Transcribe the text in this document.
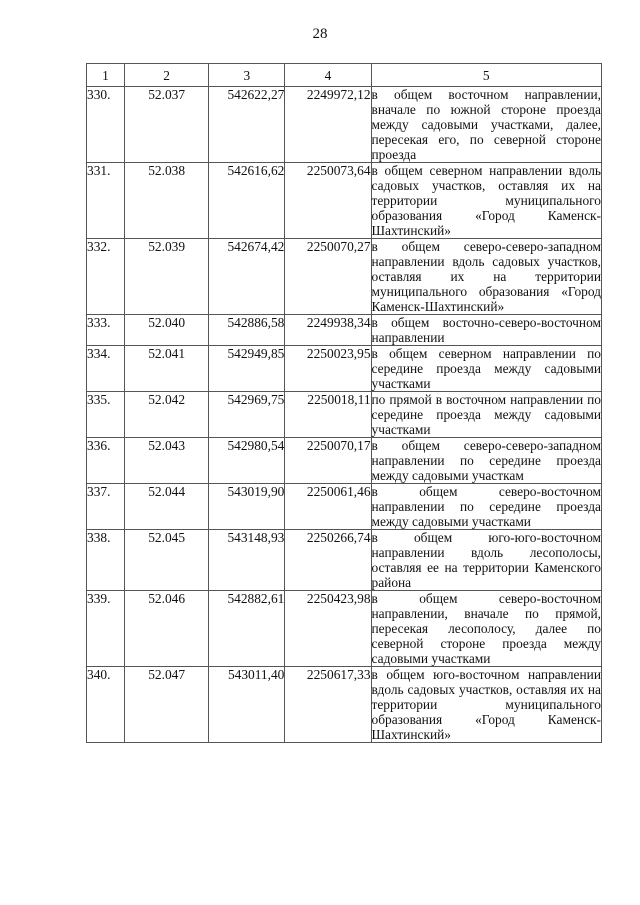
28
1	2	3	4	5
330.	52.037	542622,27	2249972,12	в общем восточном направлении, вначале по южной стороне проезда между садовыми участками, далее, пересекая его, по северной стороне проезда
331.	52.038	542616,62	2250073,64	в общем северном направлении вдоль садовых участков, оставляя их на территории муниципального образования «Город Каменск-Шахтинский»
332.	52.039	542674,42	2250070,27	в общем северо-северо-западном направлении вдоль садовых участков, оставляя их на территории муниципального образования «Город Каменск-Шахтинский»
333.	52.040	542886,58	2249938,34	в общем восточно-северо-восточном направлении
334.	52.041	542949,85	2250023,95	в общем северном направлении по середине проезда между садовыми участками
335.	52.042	542969,75	2250018,11	по прямой в восточном направлении по середине проезда между садовыми участками
336.	52.043	542980,54	2250070,17	в общем северо-северо-западном направлении по середине проезда между садовыми участкам
337.	52.044	543019,90	2250061,46	в общем северо-восточном направлении по середине проезда между садовыми участками
338.	52.045	543148,93	2250266,74	в общем юго-юго-восточном направлении вдоль лесополосы, оставляя ее на территории Каменского района
339.	52.046	542882,61	2250423,98	в общем северо-восточном направлении, вначале по прямой, пересекая лесополосу, далее по северной стороне проезда между садовыми участками
340.	52.047	543011,40	2250617,33	в общем юго-восточном направлении вдоль садовых участков, оставляя их на территории муниципального образования «Город Каменск-Шахтинский»
